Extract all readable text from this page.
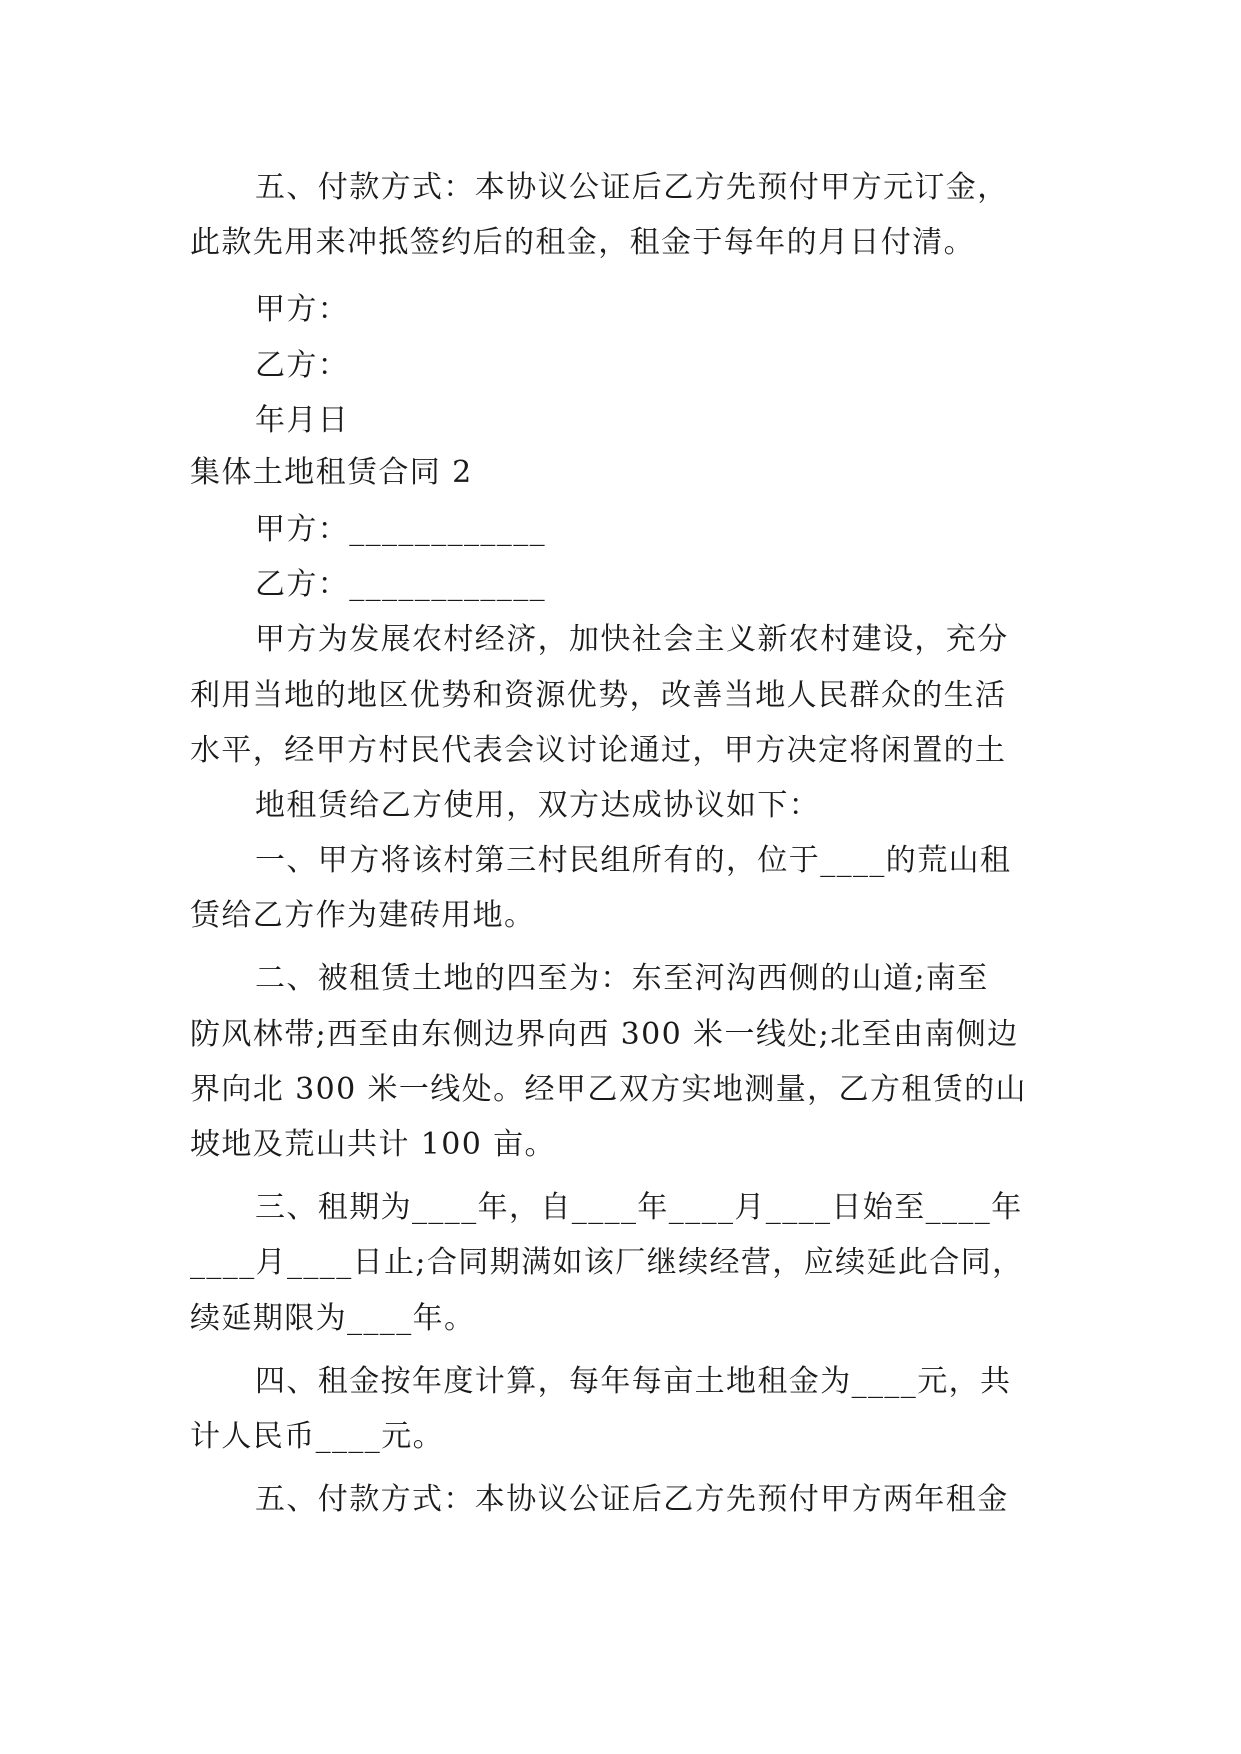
五、付款方式：本协议公证后乙方先预付甲方元订金，
此款先用来冲抵签约后的租金，租金于每年的月日付清。
甲方：
乙方：
年月日
集体土地租赁合同 2
甲方：____________
乙方：____________
甲方为发展农村经济，加快社会主义新农村建设，充分
利用当地的地区优势和资源优势，改善当地人民群众的生活
水平，经甲方村民代表会议讨论通过，甲方决定将闲置的土
地租赁给乙方使用，双方达成协议如下：
一、甲方将该村第三村民组所有的，位于____的荒山租
赁给乙方作为建砖用地。
二、被租赁土地的四至为：东至河沟西侧的山道;南至
防风林带;西至由东侧边界向西 300 米一线处;北至由南侧边
界向北 300 米一线处。经甲乙双方实地测量，乙方租赁的山
坡地及荒山共计 100 亩。
三、租期为____年，自____年____月____日始至____年
____月____日止;合同期满如该厂继续经营，应续延此合同，
续延期限为____年。
四、租金按年度计算，每年每亩土地租金为____元，共
计人民币____元。
五、付款方式：本协议公证后乙方先预付甲方两年租金
